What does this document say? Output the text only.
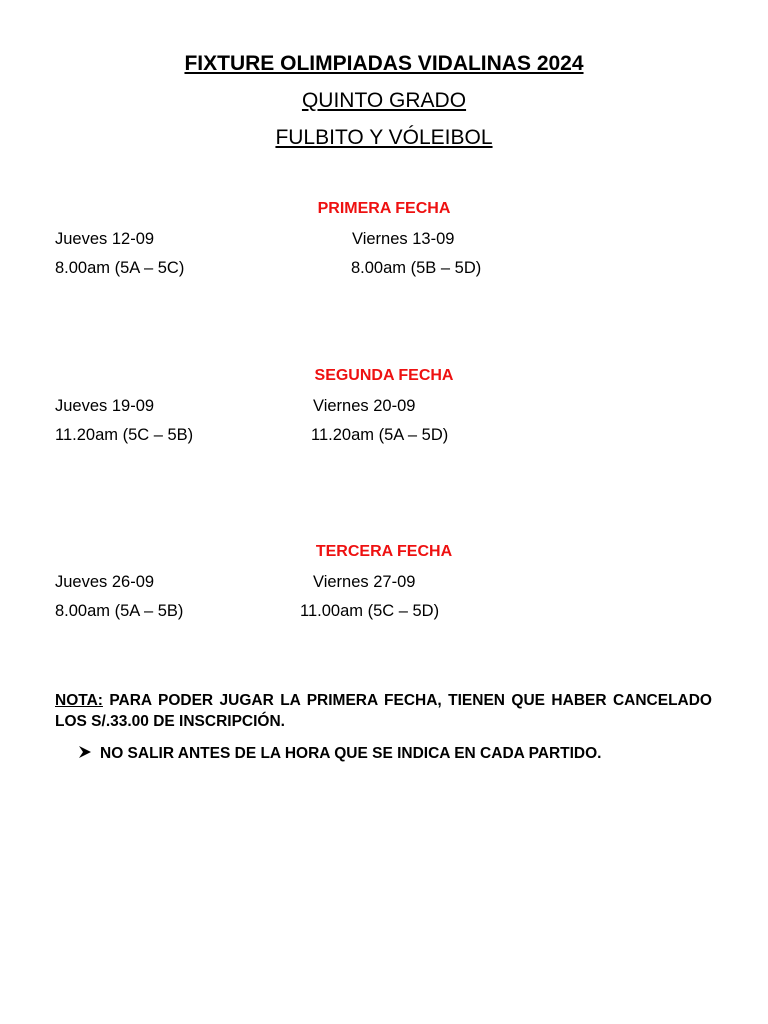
FIXTURE OLIMPIADAS VIDALINAS 2024
QUINTO GRADO
FULBITO Y VÓLEIBOL
PRIMERA FECHA
Jueves 12-09	Viernes 13-09
8.00am (5A – 5C)	8.00am (5B – 5D)
SEGUNDA FECHA
Jueves 19-09	Viernes 20-09
11.20am (5C – 5B)	11.20am (5A – 5D)
TERCERA FECHA
Jueves 26-09	Viernes 27-09
8.00am (5A – 5B)	11.00am (5C – 5D)
NOTA: PARA PODER JUGAR LA PRIMERA FECHA, TIENEN QUE HABER CANCELADO LOS S/.33.00 DE INSCRIPCIÓN.
NO SALIR ANTES DE LA HORA QUE SE INDICA EN CADA PARTIDO.
